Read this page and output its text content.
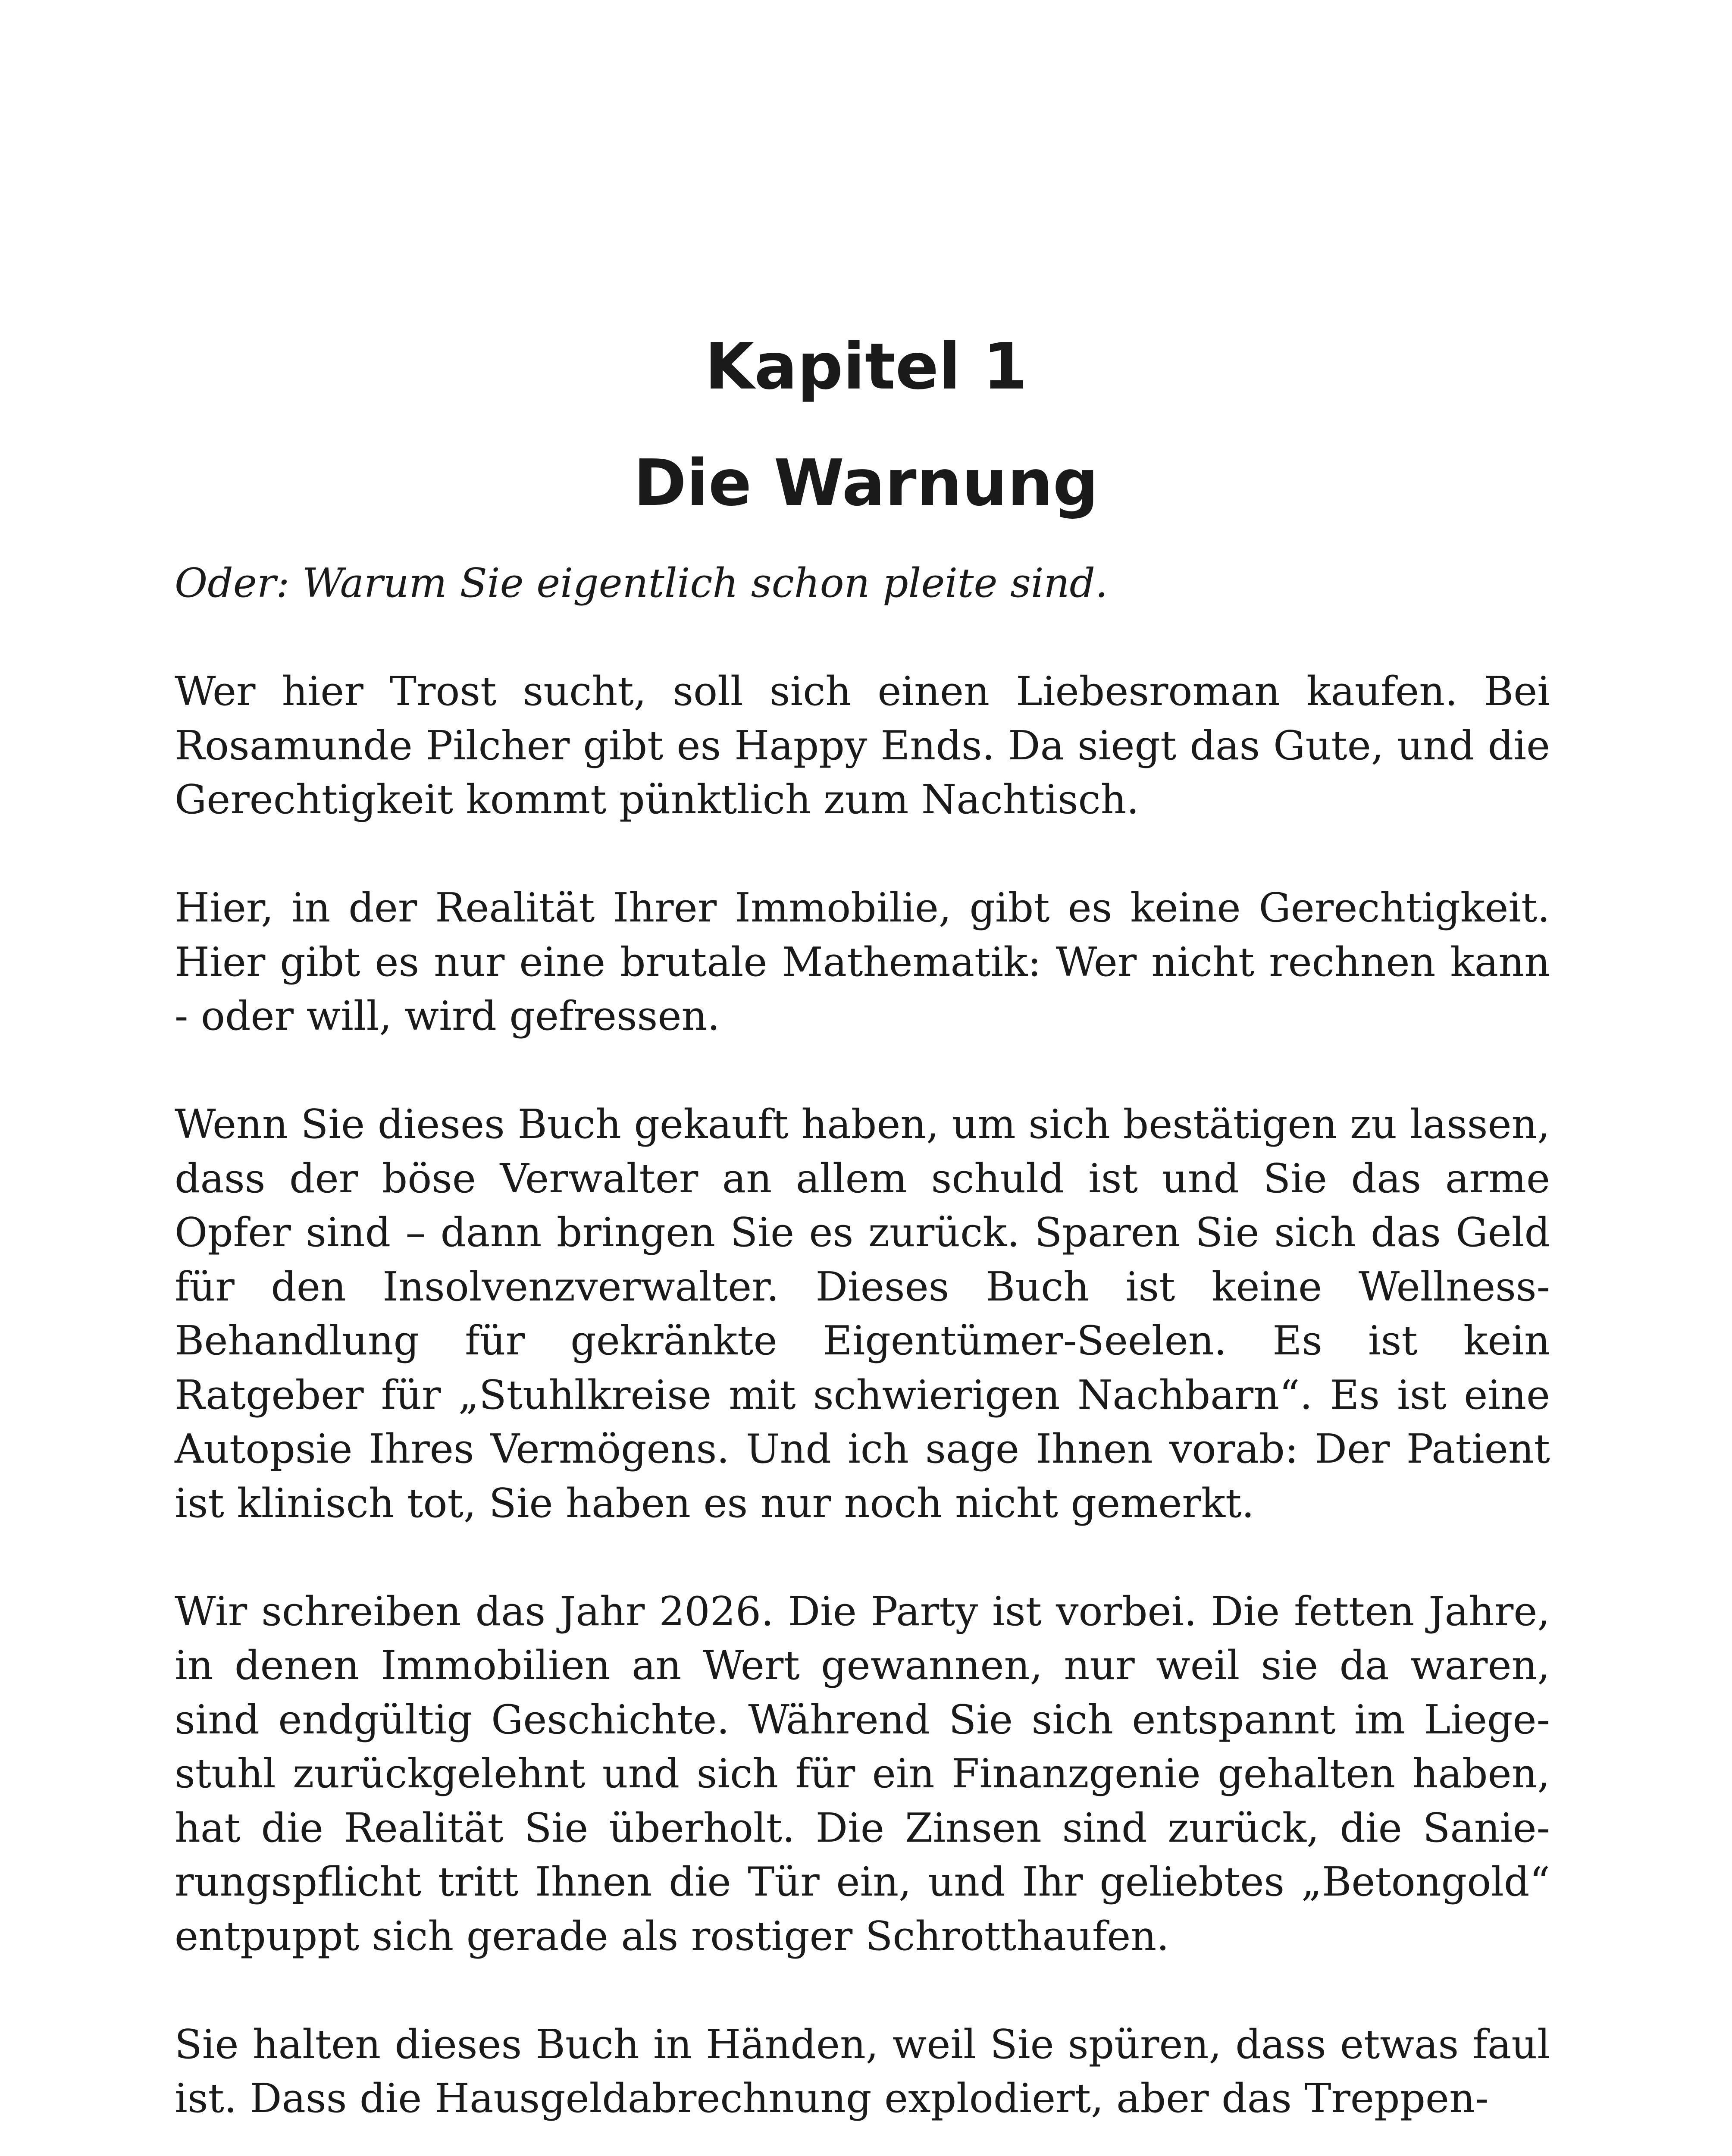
Kapitel 1
Die Warnung

Oder: Warum Sie eigentlich schon pleite sind.

Wer hier Trost sucht, soll sich einen Liebesroman kaufen. Bei Rosamunde Pilcher gibt es Happy Ends. Da siegt das Gute, und die Gerechtigkeit kommt pünktlich zum Nachtisch.

Hier, in der Realität Ihrer Immobilie, gibt es keine Gerechtigkeit. Hier gibt es nur eine brutale Mathematik: Wer nicht rechnen kann - oder will, wird gefressen.

Wenn Sie dieses Buch gekauft haben, um sich bestätigen zu lassen, dass der böse Verwalter an allem schuld ist und Sie das arme Opfer sind – dann bringen Sie es zurück. Sparen Sie sich das Geld für den Insolvenzverwalter. Dieses Buch ist keine Wellness-Behandlung für gekränkte Eigentümer-Seelen. Es ist kein Ratgeber für „Stuhlkreise mit schwierigen Nachbarn“. Es ist eine Autopsie Ihres Vermögens. Und ich sage Ihnen vorab: Der Patient ist klinisch tot, Sie haben es nur noch nicht gemerkt.

Wir schreiben das Jahr 2026. Die Party ist vorbei. Die fetten Jahre, in denen Immobilien an Wert gewannen, nur weil sie da waren, sind endgültig Geschichte. Während Sie sich entspannt im Liegestuhl zurückgelehnt und sich für ein Finanzgenie gehalten haben, hat die Realität Sie überholt. Die Zinsen sind zurück, die Sanierungspflicht tritt Ihnen die Tür ein, und Ihr geliebtes „Betongold“ entpuppt sich gerade als rostiger Schrotthaufen.

Sie halten dieses Buch in Händen, weil Sie spüren, dass etwas faul ist. Dass die Hausgeldabrechnung explodiert, aber das Treppen-
